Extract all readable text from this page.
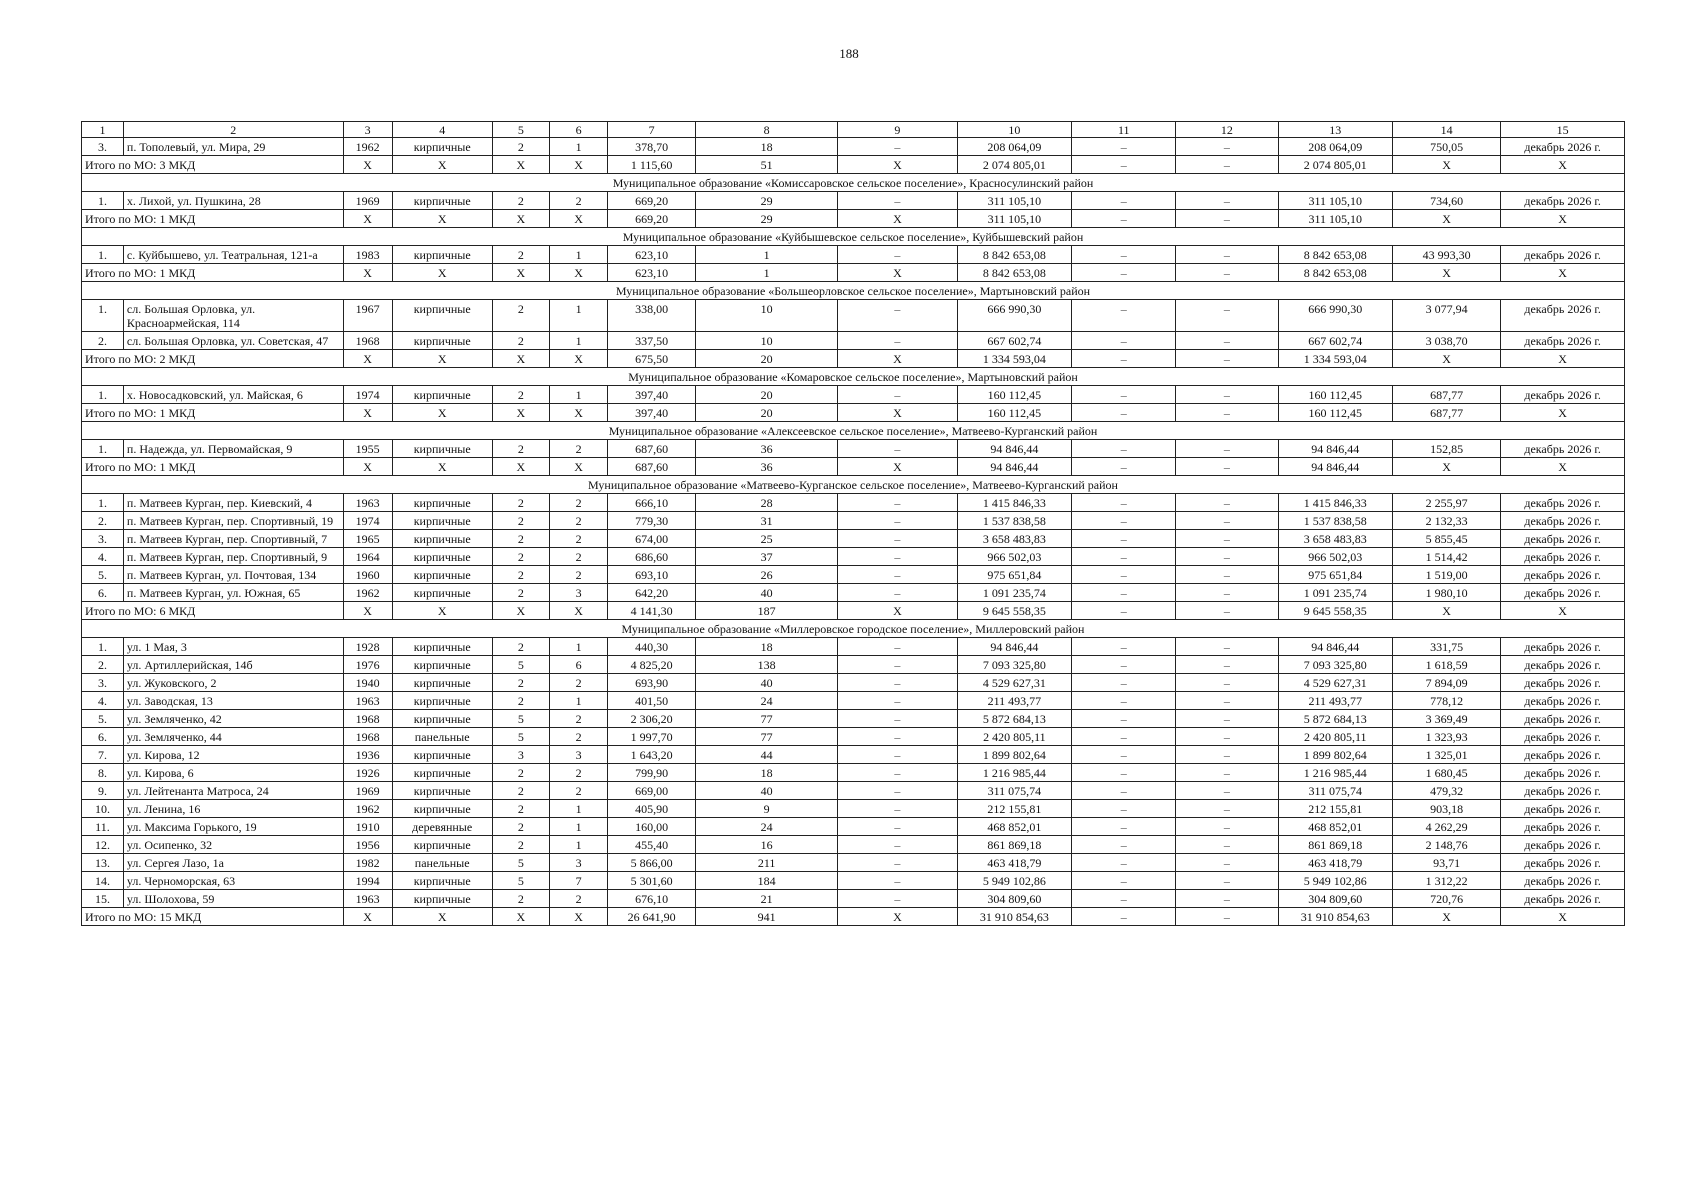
188
1	2	3	4	5	6	7	8	9	10	11	12	13	14	15
3.	п. Тополевый, ул. Мира, 29	1962	кирпичные	2	1	378,70	18	–	208 064,09	–	–	208 064,09	750,05	декабрь 2026 г.
Итого по МО: 3 МКД		Х	Х	Х	Х	1 115,60	51	Х	2 074 805,01	–	–	2 074 805,01	Х	Х
Муниципальное образование «Комиссаровское сельское поселение», Красносулинский район														
1.	х. Лихой, ул. Пушкина, 28	1969	кирпичные	2	2	669,20	29	–	311 105,10	–	–	311 105,10	734,60	декабрь 2026 г.
Итого по МО: 1 МКД		Х	Х	Х	Х	669,20	29	Х	311 105,10	–	–	311 105,10	Х	Х
Муниципальное образование «Куйбышевское сельское поселение», Куйбышевский район														
1.	с. Куйбышево, ул. Театральная, 121-а	1983	кирпичные	2	1	623,10	1	–	8 842 653,08	–	–	8 842 653,08	43 993,30	декабрь 2026 г.
Итого по МО: 1 МКД		Х	Х	Х	Х	623,10	1	Х	8 842 653,08	–	–	8 842 653,08	Х	Х
Муниципальное образование «Большеорловское сельское поселение», Мартыновский район														
1.	сл. Большая Орловка, ул. Красноармейская, 114	1967	кирпичные	2	1	338,00	10	–	666 990,30	–	–	666 990,30	3 077,94	декабрь 2026 г.
2.	сл. Большая Орловка, ул. Советская, 47	1968	кирпичные	2	1	337,50	10	–	667 602,74	–	–	667 602,74	3 038,70	декабрь 2026 г.
Итого по МО: 2 МКД		Х	Х	Х	Х	675,50	20	Х	1 334 593,04	–	–	1 334 593,04	Х	Х
Муниципальное образование «Комаровское сельское поселение», Мартыновский район														
1.	х. Новосадковский, ул. Майская, 6	1974	кирпичные	2	1	397,40	20	–	160 112,45	–	–	160 112,45	687,77	декабрь 2026 г.
Итого по МО: 1 МКД		Х	Х	Х	Х	397,40	20	Х	160 112,45	–	–	160 112,45	687,77	Х
Муниципальное образование «Алексеевское сельское поселение», Матвеево-Курганский район														
1.	п. Надежда, ул. Первомайская, 9	1955	кирпичные	2	2	687,60	36	–	94 846,44	–	–	94 846,44	152,85	декабрь 2026 г.
Итого по МО: 1 МКД		Х	Х	Х	Х	687,60	36	Х	94 846,44	–	–	94 846,44	Х	Х
Муниципальное образование «Матвеево-Курганское сельское поселение», Матвеево-Курганский район														
1.	п. Матвеев Курган, пер. Киевский, 4	1963	кирпичные	2	2	666,10	28	–	1 415 846,33	–	–	1 415 846,33	2 255,97	декабрь 2026 г.
2.	п. Матвеев Курган, пер. Спортивный, 19	1974	кирпичные	2	2	779,30	31	–	1 537 838,58	–	–	1 537 838,58	2 132,33	декабрь 2026 г.
3.	п. Матвеев Курган, пер. Спортивный, 7	1965	кирпичные	2	2	674,00	25	–	3 658 483,83	–	–	3 658 483,83	5 855,45	декабрь 2026 г.
4.	п. Матвеев Курган, пер. Спортивный, 9	1964	кирпичные	2	2	686,60	37	–	966 502,03	–	–	966 502,03	1 514,42	декабрь 2026 г.
5.	п. Матвеев Курган, ул. Почтовая, 134	1960	кирпичные	2	2	693,10	26	–	975 651,84	–	–	975 651,84	1 519,00	декабрь 2026 г.
6.	п. Матвеев Курган, ул. Южная, 65	1962	кирпичные	2	3	642,20	40	–	1 091 235,74	–	–	1 091 235,74	1 980,10	декабрь 2026 г.
Итого по МО: 6 МКД		Х	Х	Х	Х	4 141,30	187	Х	9 645 558,35	–	–	9 645 558,35	Х	Х
Муниципальное образование «Миллеровское городское поселение», Миллеровский район														
1.	ул. 1 Мая, 3	1928	кирпичные	2	1	440,30	18	–	94 846,44	–	–	94 846,44	331,75	декабрь 2026 г.
2.	ул. Артиллерийская, 14б	1976	кирпичные	5	6	4 825,20	138	–	7 093 325,80	–	–	7 093 325,80	1 618,59	декабрь 2026 г.
3.	ул. Жуковского, 2	1940	кирпичные	2	2	693,90	40	–	4 529 627,31	–	–	4 529 627,31	7 894,09	декабрь 2026 г.
4.	ул. Заводская, 13	1963	кирпичные	2	1	401,50	24	–	211 493,77	–	–	211 493,77	778,12	декабрь 2026 г.
5.	ул. Земляченко, 42	1968	кирпичные	5	2	2 306,20	77	–	5 872 684,13	–	–	5 872 684,13	3 369,49	декабрь 2026 г.
6.	ул. Земляченко, 44	1968	панельные	5	2	1 997,70	77	–	2 420 805,11	–	–	2 420 805,11	1 323,93	декабрь 2026 г.
7.	ул. Кирова, 12	1936	кирпичные	3	3	1 643,20	44	–	1 899 802,64	–	–	1 899 802,64	1 325,01	декабрь 2026 г.
8.	ул. Кирова, 6	1926	кирпичные	2	2	799,90	18	–	1 216 985,44	–	–	1 216 985,44	1 680,45	декабрь 2026 г.
9.	ул. Лейтенанта Матроса, 24	1969	кирпичные	2	2	669,00	40	–	311 075,74	–	–	311 075,74	479,32	декабрь 2026 г.
10.	ул. Ленина, 16	1962	кирпичные	2	1	405,90	9	–	212 155,81	–	–	212 155,81	903,18	декабрь 2026 г.
11.	ул. Максима Горького, 19	1910	деревянные	2	1	160,00	24	–	468 852,01	–	–	468 852,01	4 262,29	декабрь 2026 г.
12.	ул. Осипенко, 32	1956	кирпичные	2	1	455,40	16	–	861 869,18	–	–	861 869,18	2 148,76	декабрь 2026 г.
13.	ул. Сергея Лазо, 1а	1982	панельные	5	3	5 866,00	211	–	463 418,79	–	–	463 418,79	93,71	декабрь 2026 г.
14.	ул. Черноморская, 63	1994	кирпичные	5	7	5 301,60	184	–	5 949 102,86	–	–	5 949 102,86	1 312,22	декабрь 2026 г.
15.	ул. Шолохова, 59	1963	кирпичные	2	2	676,10	21	–	304 809,60	–	–	304 809,60	720,76	декабрь 2026 г.
Итого по МО: 15 МКД		Х	Х	Х	Х	26 641,90	941	Х	31 910 854,63	–	–	31 910 854,63	Х	Х
